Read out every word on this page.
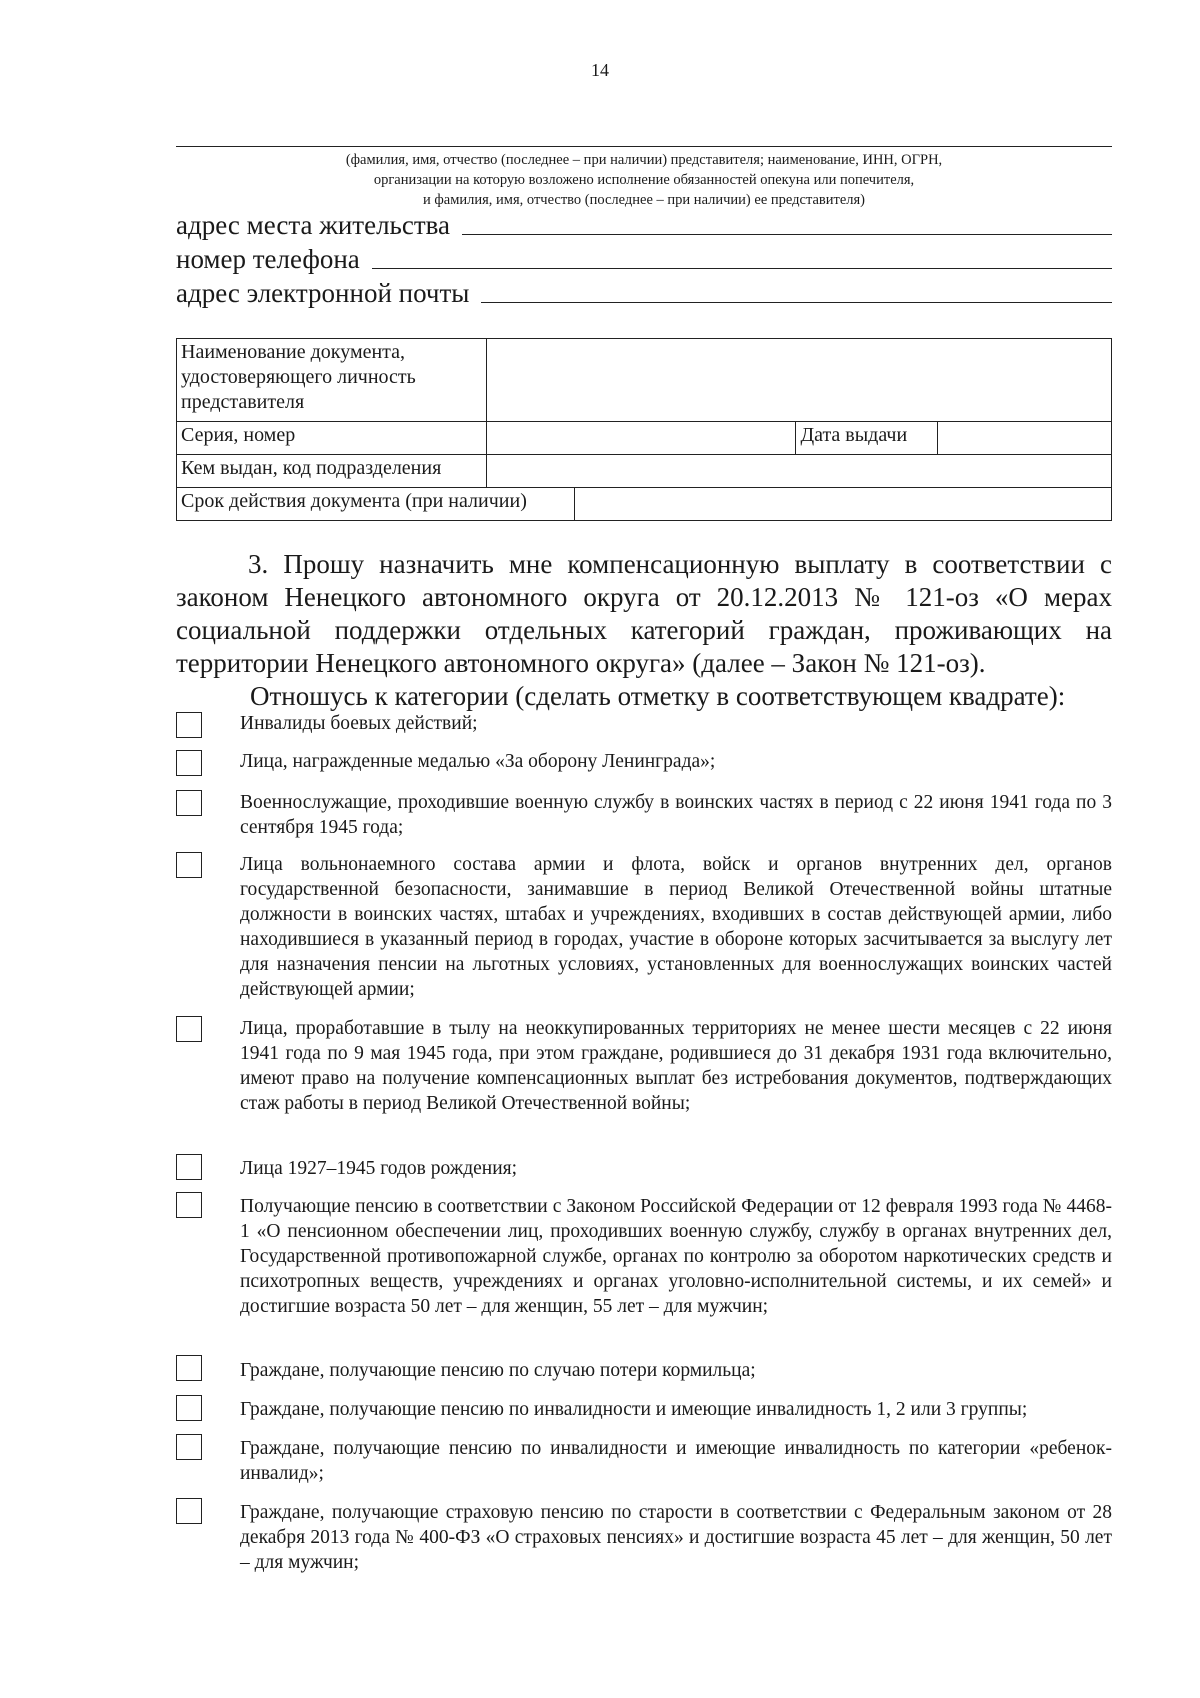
14
(фамилия, имя, отчество (последнее – при наличии) представителя; наименование, ИНН, ОГРН,
организации на которую возложено исполнение обязанностей опекуна или попечителя,
и фамилия, имя, отчество (последнее – при наличии) ее представителя)
адрес места жительства
номер телефона
адрес электронной почты
Наименование документа, удостоверяющего личность представителя				
Серия, номер			Дата выдачи	
Кем выдан, код подразделения				
Срок действия документа (при наличии)				
3. Прошу назначить мне компенсационную выплату в соответствии с законом Ненецкого автономного округа от 20.12.2013 № 121-оз «О мерах социальной поддержки отдельных категорий граждан, проживающих на территории Ненецкого автономного округа» (далее – Закон № 121-оз).
Отношусь к категории (сделать отметку в соответствующем квадрате):
Инвалиды боевых действий;
Лица, награжденные медалью «За оборону Ленинграда»;
Военнослужащие, проходившие военную службу в воинских частях в период с 22 июня 1941 года по 3 сентября 1945 года;
Лица вольнонаемного состава армии и флота, войск и органов внутренних дел, органов государственной безопасности, занимавшие в период Великой Отечественной войны штатные должности в воинских частях, штабах и учреждениях, входивших в состав действующей армии, либо находившиеся в указанный период в городах, участие в обороне которых засчитывается за выслугу лет для назначения пенсии на льготных условиях, установленных для военнослужащих воинских частей действующей армии;
Лица, проработавшие в тылу на неоккупированных территориях не менее шести месяцев с 22 июня 1941 года по 9 мая 1945 года, при этом граждане, родившиеся до 31 декабря 1931 года включительно, имеют право на получение компенсационных выплат без истребования документов, подтверждающих стаж работы в период Великой Отечественной войны;
Лица 1927–1945 годов рождения;
Получающие пенсию в соответствии с Законом Российской Федерации от 12 февраля 1993 года № 4468-1 «О пенсионном обеспечении лиц, проходивших военную службу, службу в органах внутренних дел, Государственной противопожарной службе, органах по контролю за оборотом наркотических средств и психотропных веществ, учреждениях и органах уголовно-исполнительной системы, и их семей» и достигшие возраста 50 лет – для женщин, 55 лет – для мужчин;
Граждане, получающие пенсию по случаю потери кормильца;
Граждане, получающие пенсию по инвалидности и имеющие инвалидность 1, 2 или 3 группы;
Граждане, получающие пенсию по инвалидности и имеющие инвалидность по категории «ребенок-инвалид»;
Граждане, получающие страховую пенсию по старости в соответствии с Федеральным законом от 28 декабря 2013 года № 400-ФЗ «О страховых пенсиях» и достигшие возраста 45 лет – для женщин, 50 лет – для мужчин;
